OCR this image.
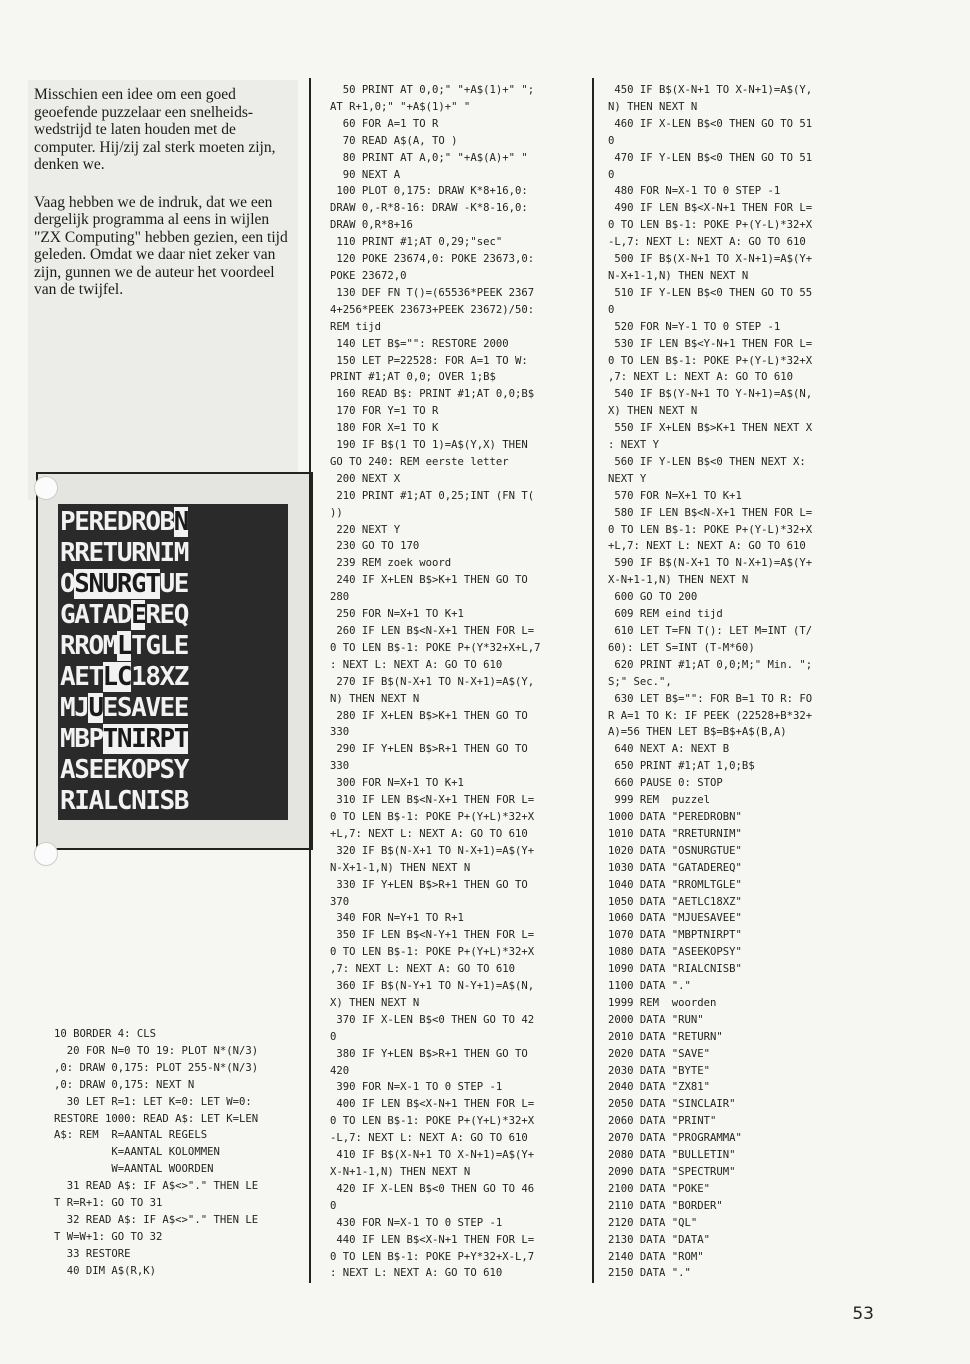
Misschien een idee om een goed geoefende puzzelaar een snelheids- wedstrijd te laten houden met de computer. Hij/zij zal sterk moeten zijn, denken we.

Vaag hebben we de indruk, dat we een dergelijk programma al eens in wijlen "ZX Computing" hebben gezien, een tijd geleden. Omdat we daar niet zeker van zijn, gunnen we de auteur het voordeel van de twijfel.

PEREDROBN
RRETURNIM
OSNURGTUE
GATADEREQ
RROMLTGLE
AETLC18XZ
MJUESAVEE
MBPTNIRPT
ASEEKOPSY
RIALCNISB
10 BORDER 4: CLS
20 FOR N=0 TO 19: PLOT N*(N/3)
,0: DRAW 0,175: PLOT 255-N*(N/3)
,0: DRAW 0,175: NEXT N
30 LET R=1: LET K=0: LET W=0:
RESTORE 1000: READ A$: LET K=LEN
A$: REM  R=AANTAL REGELS
K=AANTAL KOLOMMEN
W=AANTAL WOORDEN
31 READ A$: IF A$<>"." THEN LE
T R=R+1: GO TO 31
32 READ A$: IF A$<>"." THEN LE
T W=W+1: GO TO 32
33 RESTORE
40 DIM A$(R,K)
50 PRINT AT 0,0;" "+A$(1)+" ";
AT R+1,0;" "+A$(1)+" "
60 FOR A=1 TO R
70 READ A$(A, TO )
80 PRINT AT A,0;" "+A$(A)+" "
90 NEXT A
100 PLOT 0,175: DRAW K*8+16,0:
DRAW 0,-R*8-16: DRAW -K*8-16,0:
DRAW 0,R*8+16
110 PRINT #1;AT 0,29;"sec"
120 POKE 23674,0: POKE 23673,0:
POKE 23672,0
130 DEF FN T()=(65536*PEEK 2367
4+256*PEEK 23673+PEEK 23672)/50:
REM tijd
140 LET B$="": RESTORE 2000
150 LET P=22528: FOR A=1 TO W:
PRINT #1;AT 0,0; OVER 1;B$
160 READ B$: PRINT #1;AT 0,0;B$
170 FOR Y=1 TO R
180 FOR X=1 TO K
190 IF B$(1 TO 1)=A$(Y,X) THEN
GO TO 240: REM eerste letter
200 NEXT X
210 PRINT #1;AT 0,25;INT (FN T(
))
220 NEXT Y
230 GO TO 170
239 REM zoek woord
240 IF X+LEN B$>K+1 THEN GO TO
280
250 FOR N=X+1 TO K+1
260 IF LEN B$<N-X+1 THEN FOR L=
0 TO LEN B$-1: POKE P+(Y*32+X+L,7
: NEXT L: NEXT A: GO TO 610
270 IF B$(N-X+1 TO N-X+1)=A$(Y,
N) THEN NEXT N
280 IF X+LEN B$>K+1 THEN GO TO
330
290 IF Y+LEN B$>R+1 THEN GO TO
330
300 FOR N=X+1 TO K+1
310 IF LEN B$<N-X+1 THEN FOR L=
0 TO LEN B$-1: POKE P+(Y+L)*32+X
+L,7: NEXT L: NEXT A: GO TO 610
320 IF B$(N-X+1 TO N-X+1)=A$(Y+
N-X+1-1,N) THEN NEXT N
330 IF Y+LEN B$>R+1 THEN GO TO
370
340 FOR N=Y+1 TO R+1
350 IF LEN B$<N-Y+1 THEN FOR L=
0 TO LEN B$-1: POKE P+(Y+L)*32+X
,7: NEXT L: NEXT A: GO TO 610
360 IF B$(N-Y+1 TO N-Y+1)=A$(N,
X) THEN NEXT N
370 IF X-LEN B$<0 THEN GO TO 42
0
380 IF Y+LEN B$>R+1 THEN GO TO
420
390 FOR N=X-1 TO 0 STEP -1
400 IF LEN B$<X-N+1 THEN FOR L=
0 TO LEN B$-1: POKE P+(Y+L)*32+X
-L,7: NEXT L: NEXT A: GO TO 610
410 IF B$(X-N+1 TO X-N+1)=A$(Y+
X-N+1-1,N) THEN NEXT N
420 IF X-LEN B$<0 THEN GO TO 46
0
430 FOR N=X-1 TO 0 STEP -1
440 IF LEN B$<X-N+1 THEN FOR L=
0 TO LEN B$-1: POKE P+Y*32+X-L,7
: NEXT L: NEXT A: GO TO 610
450 IF B$(X-N+1 TO X-N+1)=A$(Y,
N) THEN NEXT N
460 IF X-LEN B$<0 THEN GO TO 51
0
470 IF Y-LEN B$<0 THEN GO TO 51
0
480 FOR N=X-1 TO 0 STEP -1
490 IF LEN B$<X-N+1 THEN FOR L=
0 TO LEN B$-1: POKE P+(Y-L)*32+X
-L,7: NEXT L: NEXT A: GO TO 610
500 IF B$(X-N+1 TO X-N+1)=A$(Y+
N-X+1-1,N) THEN NEXT N
510 IF Y-LEN B$<0 THEN GO TO 55
0
520 FOR N=Y-1 TO 0 STEP -1
530 IF LEN B$<Y-N+1 THEN FOR L=
0 TO LEN B$-1: POKE P+(Y-L)*32+X
,7: NEXT L: NEXT A: GO TO 610
540 IF B$(Y-N+1 TO Y-N+1)=A$(N,
X) THEN NEXT N
550 IF X+LEN B$>K+1 THEN NEXT X
: NEXT Y
560 IF Y-LEN B$<0 THEN NEXT X:
NEXT Y
570 FOR N=X+1 TO K+1
580 IF LEN B$<N-X+1 THEN FOR L=
0 TO LEN B$-1: POKE P+(Y-L)*32+X
+L,7: NEXT L: NEXT A: GO TO 610
590 IF B$(N-X+1 TO N-X+1)=A$(Y+
X-N+1-1,N) THEN NEXT N
600 GO TO 200
609 REM eind tijd
610 LET T=FN T(): LET M=INT (T/
60): LET S=INT (T-M*60)
620 PRINT #1;AT 0,0;M;" Min. ";
S;" Sec.",
630 LET B$="": FOR B=1 TO R: FO
R A=1 TO K: IF PEEK (22528+B*32+
A)=56 THEN LET B$=B$+A$(B,A)
640 NEXT A: NEXT B
650 PRINT #1;AT 1,0;B$
660 PAUSE 0: STOP
999 REM  puzzel
1000 DATA "PEREDROBN"
1010 DATA "RRETURNIM"
1020 DATA "OSNURGTUE"
1030 DATA "GATADEREQ"
1040 DATA "RROMLTGLE"
1050 DATA "AETLC18XZ"
1060 DATA "MJUESAVEE"
1070 DATA "MBPTNIRPT"
1080 DATA "ASEEKOPSY"
1090 DATA "RIALCNISB"
1100 DATA "."
1999 REM  woorden
2000 DATA "RUN"
2010 DATA "RETURN"
2020 DATA "SAVE"
2030 DATA "BYTE"
2040 DATA "ZX81"
2050 DATA "SINCLAIR"
2060 DATA "PRINT"
2070 DATA "PROGRAMMA"
2080 DATA "BULLETIN"
2090 DATA "SPECTRUM"
2100 DATA "POKE"
2110 DATA "BORDER"
2120 DATA "QL"
2130 DATA "DATA"
2140 DATA "ROM"
2150 DATA "."
53
